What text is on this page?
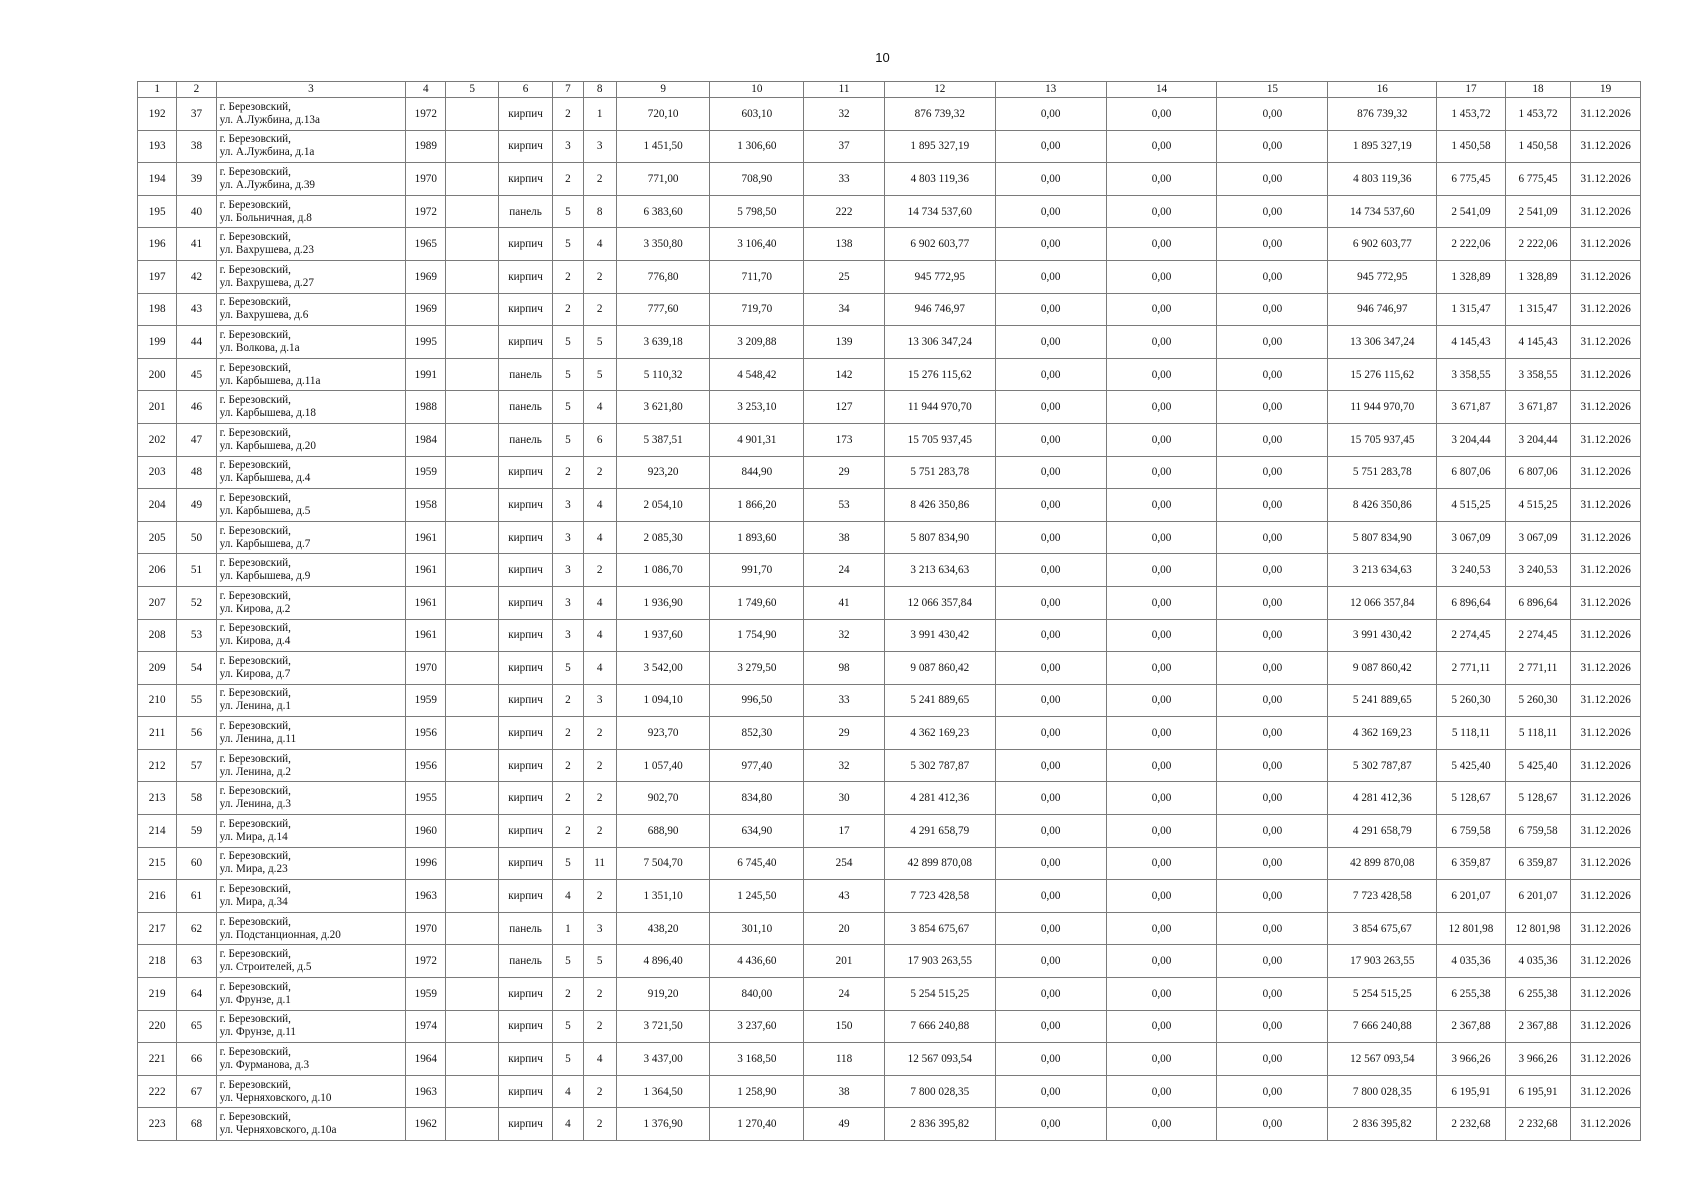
10
1	2	3	4	5	6	7	8	9	10	11	12	13	14	15	16	17	18	19
192	37	г. Березовский,
ул. А.Лужбина, д.13а	1972		кирпич	2	1	720,10	603,10	32	876 739,32	0,00	0,00	0,00	876 739,32	1 453,72	1 453,72	31.12.2026
193	38	г. Березовский,
ул. А.Лужбина, д.1а	1989		кирпич	3	3	1 451,50	1 306,60	37	1 895 327,19	0,00	0,00	0,00	1 895 327,19	1 450,58	1 450,58	31.12.2026
194	39	г. Березовский,
ул. А.Лужбина, д.39	1970		кирпич	2	2	771,00	708,90	33	4 803 119,36	0,00	0,00	0,00	4 803 119,36	6 775,45	6 775,45	31.12.2026
195	40	г. Березовский,
ул. Больничная, д.8	1972		панель	5	8	6 383,60	5 798,50	222	14 734 537,60	0,00	0,00	0,00	14 734 537,60	2 541,09	2 541,09	31.12.2026
196	41	г. Березовский,
ул. Вахрушева, д.23	1965		кирпич	5	4	3 350,80	3 106,40	138	6 902 603,77	0,00	0,00	0,00	6 902 603,77	2 222,06	2 222,06	31.12.2026
197	42	г. Березовский,
ул. Вахрушева, д.27	1969		кирпич	2	2	776,80	711,70	25	945 772,95	0,00	0,00	0,00	945 772,95	1 328,89	1 328,89	31.12.2026
198	43	г. Березовский,
ул. Вахрушева, д.6	1969		кирпич	2	2	777,60	719,70	34	946 746,97	0,00	0,00	0,00	946 746,97	1 315,47	1 315,47	31.12.2026
199	44	г. Березовский,
ул. Волкова, д.1а	1995		кирпич	5	5	3 639,18	3 209,88	139	13 306 347,24	0,00	0,00	0,00	13 306 347,24	4 145,43	4 145,43	31.12.2026
200	45	г. Березовский,
ул. Карбышева, д.11а	1991		панель	5	5	5 110,32	4 548,42	142	15 276 115,62	0,00	0,00	0,00	15 276 115,62	3 358,55	3 358,55	31.12.2026
201	46	г. Березовский,
ул. Карбышева, д.18	1988		панель	5	4	3 621,80	3 253,10	127	11 944 970,70	0,00	0,00	0,00	11 944 970,70	3 671,87	3 671,87	31.12.2026
202	47	г. Березовский,
ул. Карбышева, д.20	1984		панель	5	6	5 387,51	4 901,31	173	15 705 937,45	0,00	0,00	0,00	15 705 937,45	3 204,44	3 204,44	31.12.2026
203	48	г. Березовский,
ул. Карбышева, д.4	1959		кирпич	2	2	923,20	844,90	29	5 751 283,78	0,00	0,00	0,00	5 751 283,78	6 807,06	6 807,06	31.12.2026
204	49	г. Березовский,
ул. Карбышева, д.5	1958		кирпич	3	4	2 054,10	1 866,20	53	8 426 350,86	0,00	0,00	0,00	8 426 350,86	4 515,25	4 515,25	31.12.2026
205	50	г. Березовский,
ул. Карбышева, д.7	1961		кирпич	3	4	2 085,30	1 893,60	38	5 807 834,90	0,00	0,00	0,00	5 807 834,90	3 067,09	3 067,09	31.12.2026
206	51	г. Березовский,
ул. Карбышева, д.9	1961		кирпич	3	2	1 086,70	991,70	24	3 213 634,63	0,00	0,00	0,00	3 213 634,63	3 240,53	3 240,53	31.12.2026
207	52	г. Березовский,
ул. Кирова, д.2	1961		кирпич	3	4	1 936,90	1 749,60	41	12 066 357,84	0,00	0,00	0,00	12 066 357,84	6 896,64	6 896,64	31.12.2026
208	53	г. Березовский,
ул. Кирова, д.4	1961		кирпич	3	4	1 937,60	1 754,90	32	3 991 430,42	0,00	0,00	0,00	3 991 430,42	2 274,45	2 274,45	31.12.2026
209	54	г. Березовский,
ул. Кирова, д.7	1970		кирпич	5	4	3 542,00	3 279,50	98	9 087 860,42	0,00	0,00	0,00	9 087 860,42	2 771,11	2 771,11	31.12.2026
210	55	г. Березовский,
ул. Ленина, д.1	1959		кирпич	2	3	1 094,10	996,50	33	5 241 889,65	0,00	0,00	0,00	5 241 889,65	5 260,30	5 260,30	31.12.2026
211	56	г. Березовский,
ул. Ленина, д.11	1956		кирпич	2	2	923,70	852,30	29	4 362 169,23	0,00	0,00	0,00	4 362 169,23	5 118,11	5 118,11	31.12.2026
212	57	г. Березовский,
ул. Ленина, д.2	1956		кирпич	2	2	1 057,40	977,40	32	5 302 787,87	0,00	0,00	0,00	5 302 787,87	5 425,40	5 425,40	31.12.2026
213	58	г. Березовский,
ул. Ленина, д.3	1955		кирпич	2	2	902,70	834,80	30	4 281 412,36	0,00	0,00	0,00	4 281 412,36	5 128,67	5 128,67	31.12.2026
214	59	г. Березовский,
ул. Мира, д.14	1960		кирпич	2	2	688,90	634,90	17	4 291 658,79	0,00	0,00	0,00	4 291 658,79	6 759,58	6 759,58	31.12.2026
215	60	г. Березовский,
ул. Мира, д.23	1996		кирпич	5	11	7 504,70	6 745,40	254	42 899 870,08	0,00	0,00	0,00	42 899 870,08	6 359,87	6 359,87	31.12.2026
216	61	г. Березовский,
ул. Мира, д.34	1963		кирпич	4	2	1 351,10	1 245,50	43	7 723 428,58	0,00	0,00	0,00	7 723 428,58	6 201,07	6 201,07	31.12.2026
217	62	г. Березовский,
ул. Подстанционная, д.20	1970		панель	1	3	438,20	301,10	20	3 854 675,67	0,00	0,00	0,00	3 854 675,67	12 801,98	12 801,98	31.12.2026
218	63	г. Березовский,
ул. Строителей, д.5	1972		панель	5	5	4 896,40	4 436,60	201	17 903 263,55	0,00	0,00	0,00	17 903 263,55	4 035,36	4 035,36	31.12.2026
219	64	г. Березовский,
ул. Фрунзе, д.1	1959		кирпич	2	2	919,20	840,00	24	5 254 515,25	0,00	0,00	0,00	5 254 515,25	6 255,38	6 255,38	31.12.2026
220	65	г. Березовский,
ул. Фрунзе, д.11	1974		кирпич	5	2	3 721,50	3 237,60	150	7 666 240,88	0,00	0,00	0,00	7 666 240,88	2 367,88	2 367,88	31.12.2026
221	66	г. Березовский,
ул. Фурманова, д.3	1964		кирпич	5	4	3 437,00	3 168,50	118	12 567 093,54	0,00	0,00	0,00	12 567 093,54	3 966,26	3 966,26	31.12.2026
222	67	г. Березовский,
ул. Черняховского, д.10	1963		кирпич	4	2	1 364,50	1 258,90	38	7 800 028,35	0,00	0,00	0,00	7 800 028,35	6 195,91	6 195,91	31.12.2026
223	68	г. Березовский,
ул. Черняховского, д.10а	1962		кирпич	4	2	1 376,90	1 270,40	49	2 836 395,82	0,00	0,00	0,00	2 836 395,82	2 232,68	2 232,68	31.12.2026
